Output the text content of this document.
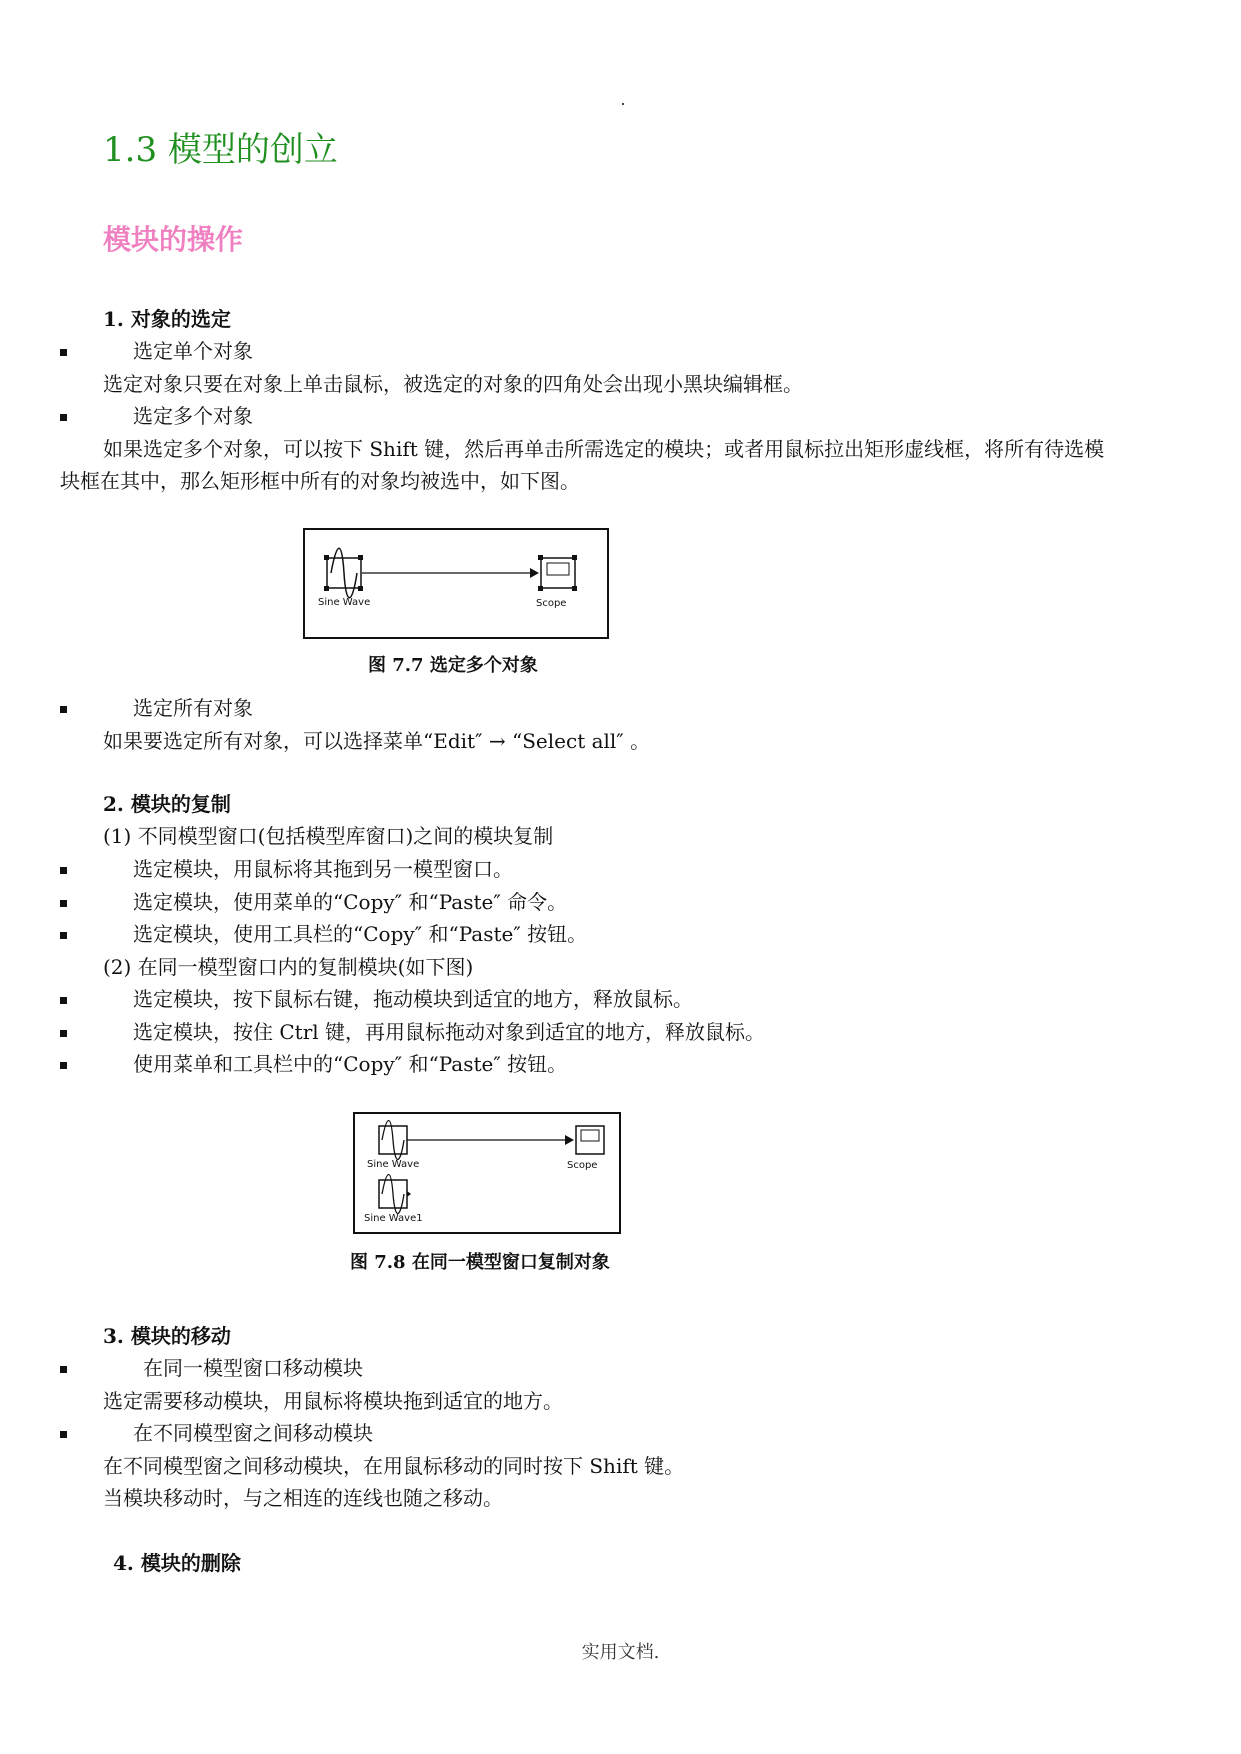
1.3 模型的创立
模块的操作
1. 对象的选定
选定单个对象
选定对象只要在对象上单击鼠标，被选定的对象的四角处会出现小黑块编辑框。
选定多个对象
如果选定多个对象，可以按下 Shift 键，然后再单击所需选定的模块；或者用鼠标拉出矩形虚线框，将所有待选模
块框在其中，那么矩形框中所有的对象均被选中，如下图。
Sine Wave	Scope
图 7.7 选定多个对象
选定所有对象
如果要选定所有对象，可以选择菜单“Edit″ → “Select all″ 。
2. 模块的复制
(1) 不同模型窗口(包括模型库窗口)之间的模块复制
选定模块，用鼠标将其拖到另一模型窗口。
选定模块，使用菜单的“Copy″ 和“Paste″ 命令。
选定模块，使用工具栏的“Copy″ 和“Paste″ 按钮。
(2) 在同一模型窗口内的复制模块(如下图)
选定模块，按下鼠标右键，拖动模块到适宜的地方，释放鼠标。
选定模块，按住 Ctrl 键，再用鼠标拖动对象到适宜的地方，释放鼠标。
使用菜单和工具栏中的“Copy″ 和“Paste″ 按钮。
Sine Wave	Scope
Sine Wave1
图 7.8 在同一模型窗口复制对象
3. 模块的移动
在同一模型窗口移动模块
选定需要移动模块，用鼠标将模块拖到适宜的地方。
在不同模型窗之间移动模块
在不同模型窗之间移动模块，在用鼠标移动的同时按下 Shift 键。
当模块移动时，与之相连的连线也随之移动。
4. 模块的删除
实用文档.
